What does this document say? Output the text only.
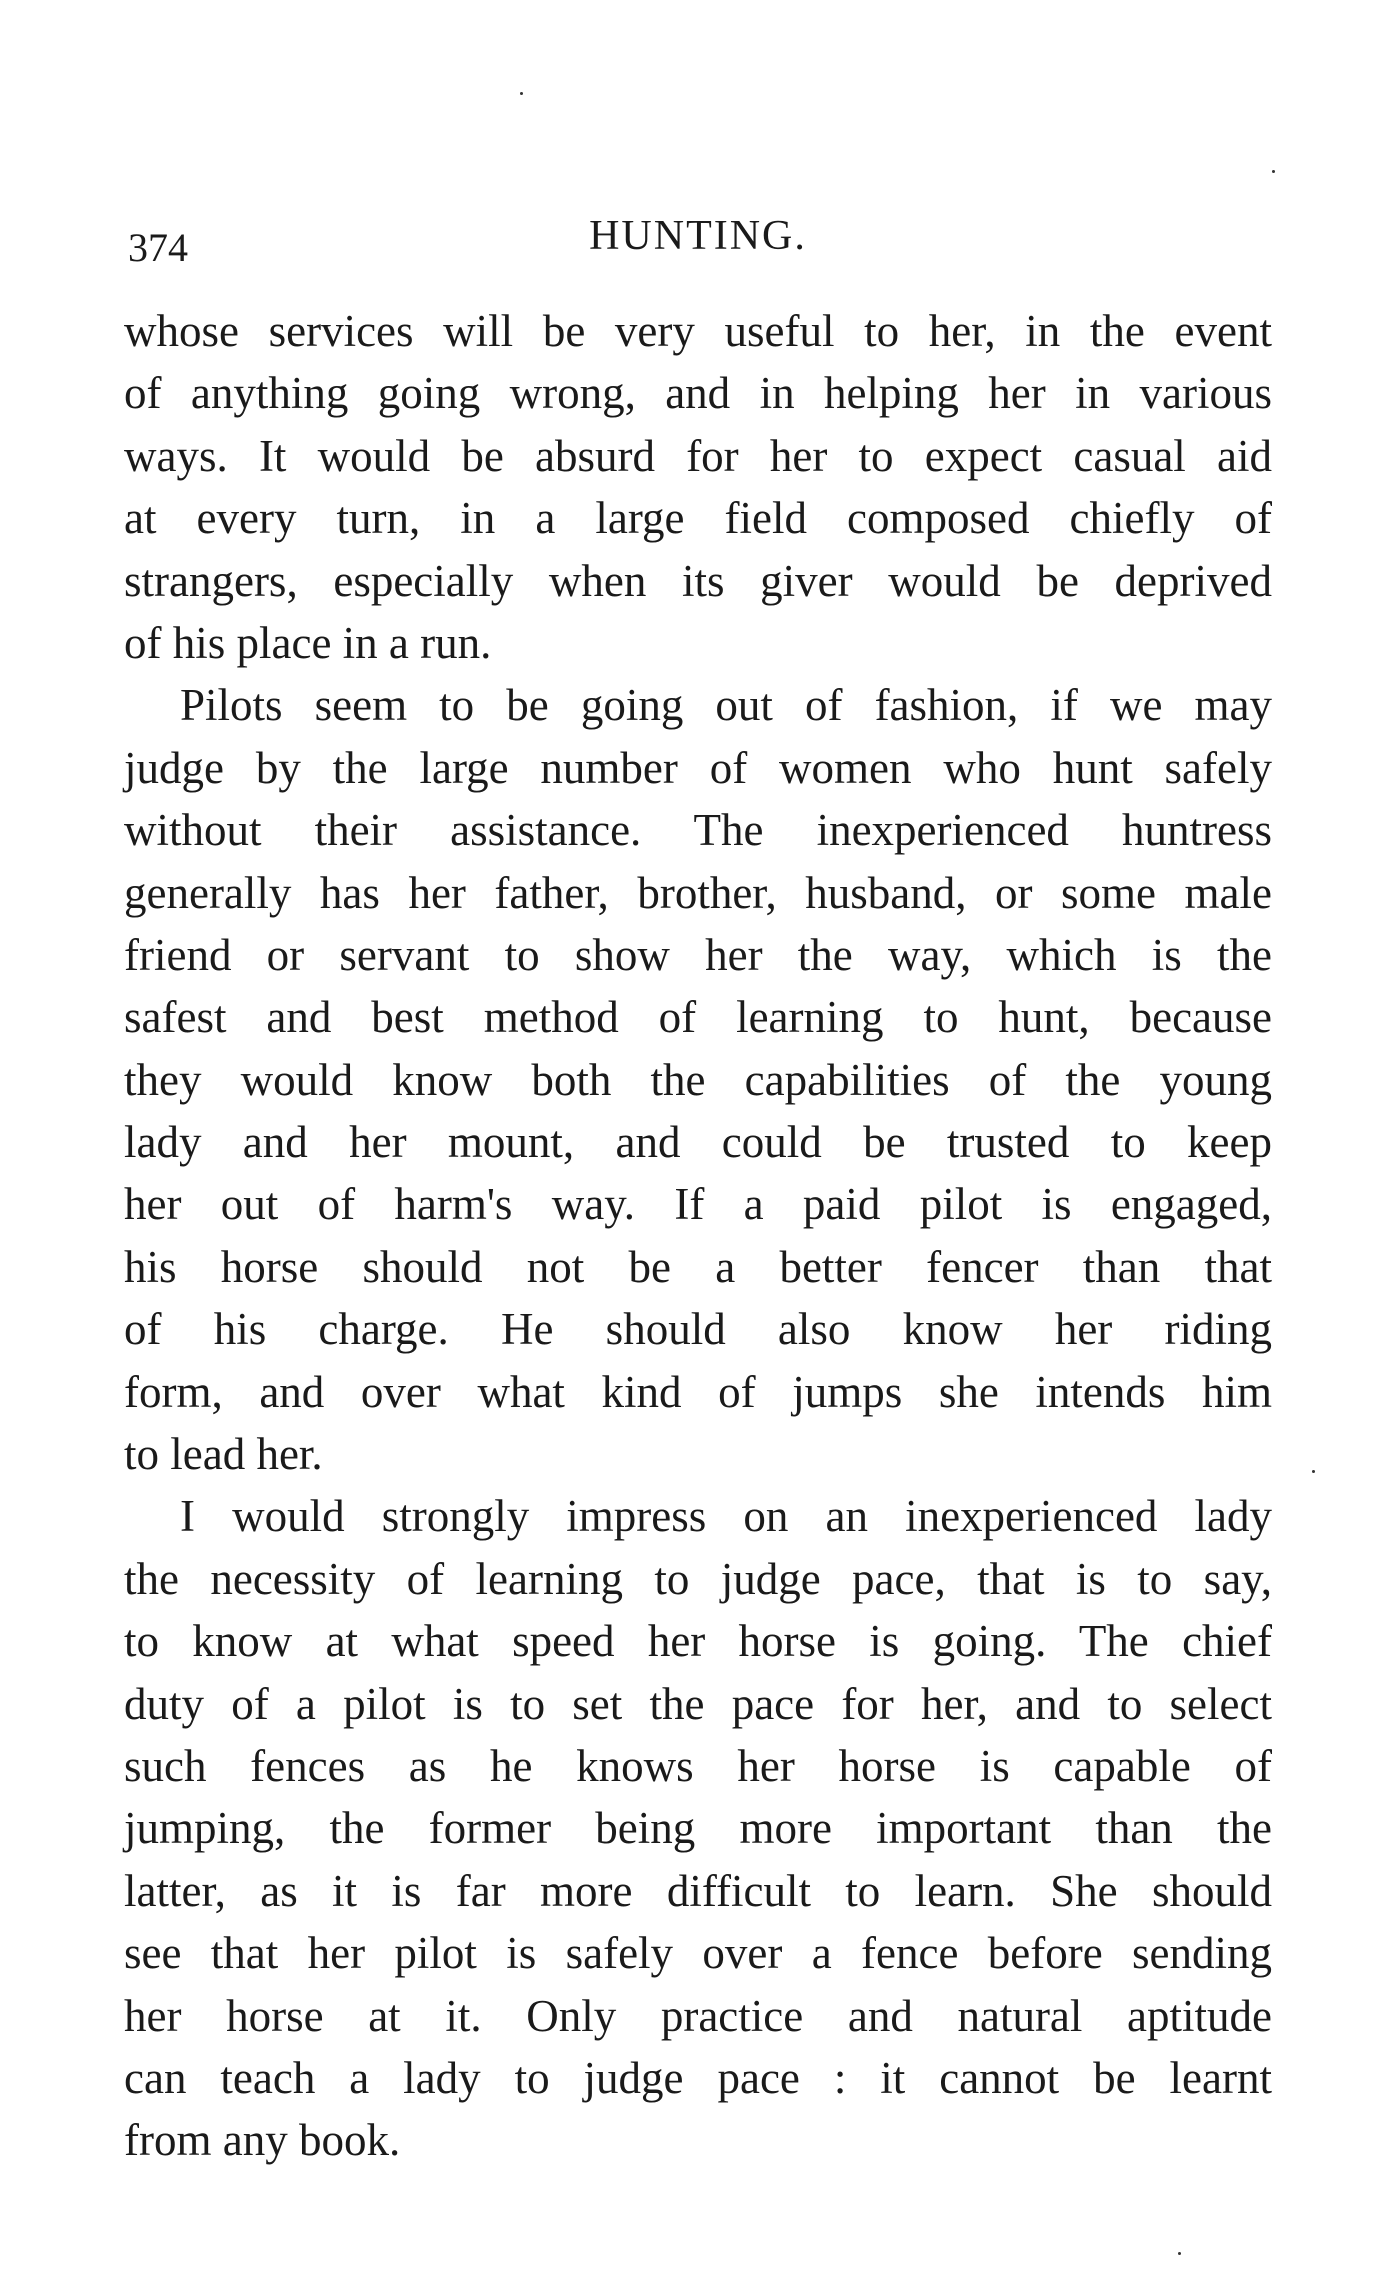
374	HUNTING.
whose services will be very useful to her, in the event
of anything going wrong, and in helping her in various
ways. It would be absurd for her to expect casual aid
at every turn, in a large field composed chiefly of
strangers, especially when its giver would be deprived
of his place in a run.
Pilots seem to be going out of fashion, if we may
judge by the large number of women who hunt safely
without their assistance. The inexperienced huntress
generally has her father, brother, husband, or some male
friend or servant to show her the way, which is the
safest and best method of learning to hunt, because
they would know both the capabilities of the young
lady and her mount, and could be trusted to keep
her out of harm's way. If a paid pilot is engaged,
his horse should not be a better fencer than that
of his charge. He should also know her riding
form, and over what kind of jumps she intends him
to lead her.
I would strongly impress on an inexperienced lady
the necessity of learning to judge pace, that is to say,
to know at what speed her horse is going. The chief
duty of a pilot is to set the pace for her, and to select
such fences as he knows her horse is capable of
jumping, the former being more important than the
latter, as it is far more difficult to learn. She should
see that her pilot is safely over a fence before sending
her horse at it. Only practice and natural aptitude
can teach a lady to judge pace : it cannot be learnt
from any book.
